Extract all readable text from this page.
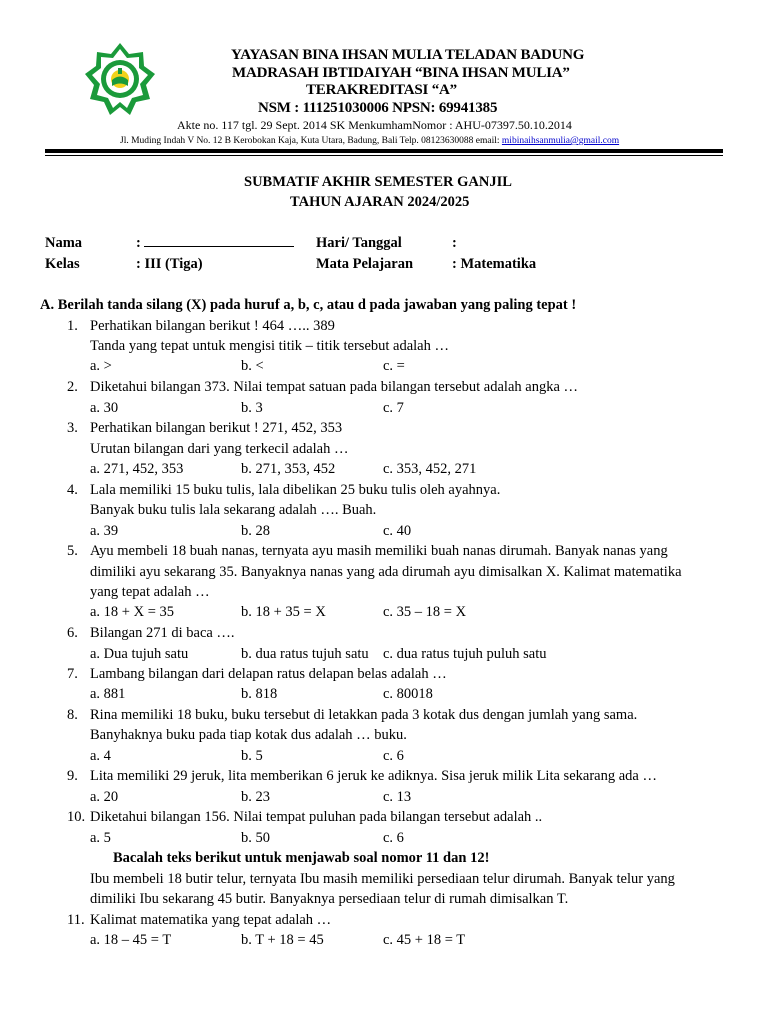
YAYASAN BINA IHSAN MULIA TELADAN BADUNG
MADRASAH IBTIDAIYAH “BINA IHSAN MULIA”
TERAKREDITASI “A”
NSM : 111251030006 NPSN: 69941385
Akte no. 117 tgl. 29 Sept. 2014 SK MenkumhamNomor : AHU-07397.50.10.2014
Jl. Muding Indah V No. 12 B Kerobokan Kaja, Kuta Utara, Badung, Bali Telp. 08123630088 email: mibinaihsanmulia@gmail.com
SUBMATIF AKHIR SEMESTER GANJIL
TAHUN AJARAN 2024/2025
Nama	:	Hari/ Tanggal	:
Kelas	: III (Tiga)	Mata Pelajaran	: Matematika
A. Berilah tanda silang (X) pada huruf a, b, c, atau d pada jawaban yang paling tepat !
1. Perhatikan bilangan berikut ! 464 ….. 389
Tanda yang tepat untuk mengisi titik – titik tersebut adalah …
a. >	b. <	c. =
2. Diketahui bilangan 373. Nilai tempat satuan pada bilangan tersebut adalah angka …
a. 30	b. 3	c. 7
3. Perhatikan bilangan berikut ! 271, 452, 353
Urutan bilangan dari yang terkecil adalah …
a. 271, 452, 353	b. 271, 353, 452	c. 353, 452, 271
4. Lala memiliki 15 buku tulis, lala dibelikan 25 buku tulis oleh ayahnya.
Banyak buku tulis lala sekarang adalah …. Buah.
a. 39	b. 28	c. 40
5. Ayu membeli 18 buah nanas, ternyata ayu masih memiliki buah nanas dirumah. Banyak nanas yang
dimiliki ayu sekarang 35. Banyaknya nanas yang ada dirumah ayu dimisalkan X. Kalimat matematika
yang tepat adalah …
a. 18 + X = 35	b. 18 + 35 = X	c. 35 – 18 = X
6. Bilangan 271 di baca ….
a. Dua tujuh satu	b. dua ratus tujuh satu c. dua ratus tujuh puluh satu
7. Lambang bilangan dari delapan ratus delapan belas adalah …
a. 881	b. 818	c. 80018
8. Rina memiliki 18 buku, buku tersebut di letakkan pada 3 kotak dus dengan jumlah yang sama.
Banyhaknya buku pada tiap kotak dus adalah … buku.
a. 4	b. 5	c. 6
9. Lita memiliki 29 jeruk, lita memberikan 6 jeruk ke adiknya. Sisa jeruk milik Lita sekarang ada …
a. 20	b. 23	c. 13
10. Diketahui bilangan 156. Nilai tempat puluhan pada bilangan tersebut adalah ..
a. 5	b. 50	c. 6
Bacalah teks berikut untuk menjawab soal nomor 11 dan 12!
Ibu membeli 18 butir telur, ternyata Ibu masih memiliki persediaan telur dirumah. Banyak telur yang
dimiliki Ibu sekarang 45 butir. Banyaknya persediaan telur di rumah dimisalkan T.
11. Kalimat matematika yang tepat adalah …
a. 18 – 45 = T	b. T + 18 = 45	c. 45 + 18 = T
